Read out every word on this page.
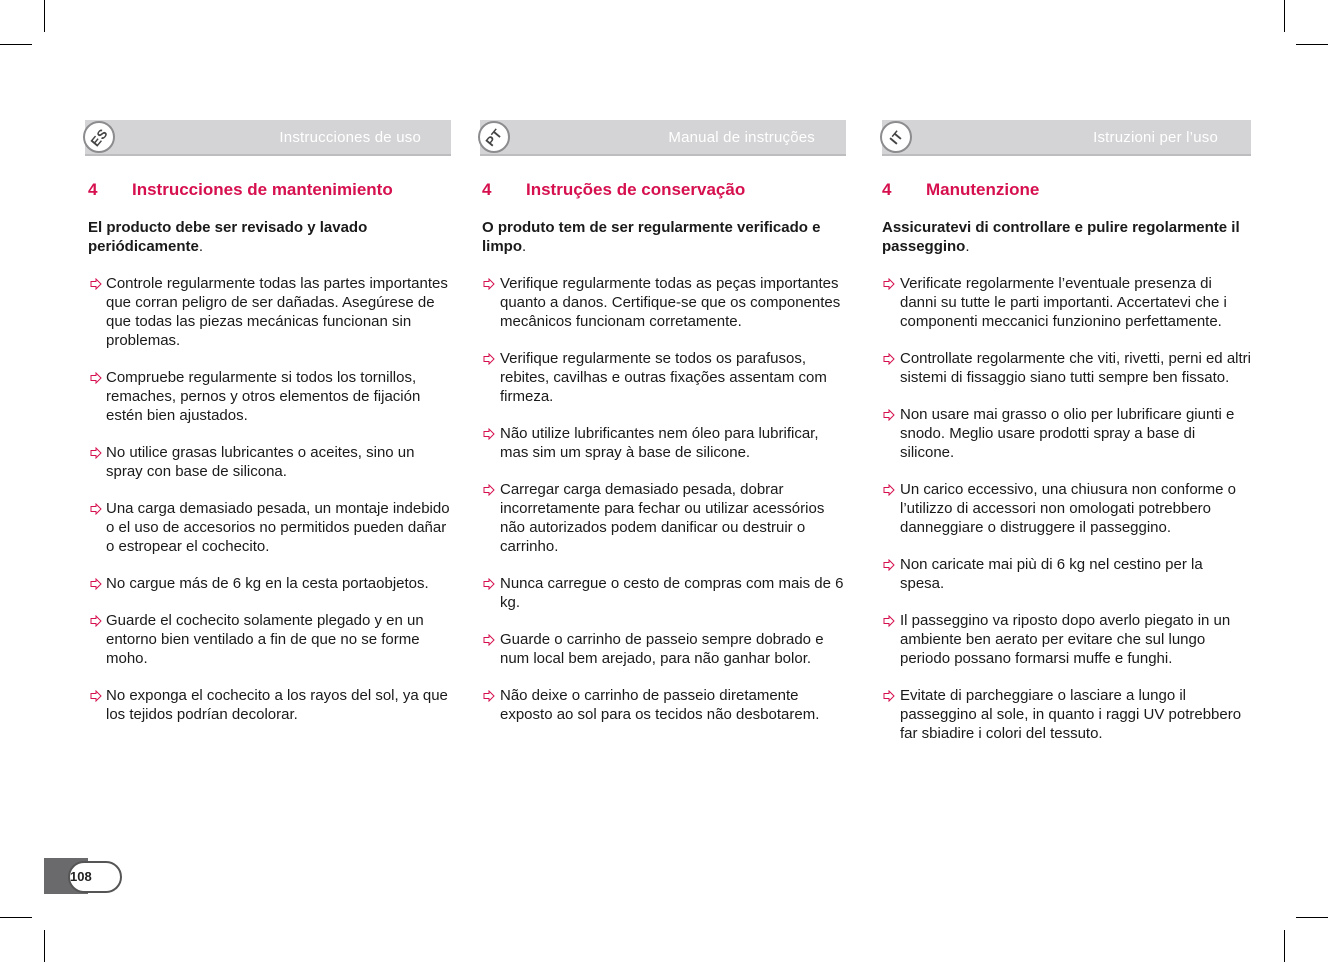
ES	Instrucciones de uso
4	Instrucciones de mantenimiento
El producto debe ser revisado y lavado periódicamente.
Controle regularmente todas las partes importantes que corran peligro de ser dañadas. Asegúrese de que todas las piezas mecánicas funcionan sin problemas.
Compruebe regularmente si todos los tornillos, remaches, pernos y otros elementos de fijación estén bien ajustados.
No utilice grasas lubricantes o aceites, sino un spray con base de silicona.
Una carga demasiado pesada, un montaje indebido o el uso de accesorios no permitidos pueden dañar o estropear el cochecito.
No cargue más de 6 kg en la cesta portaobjetos.
Guarde el cochecito solamente plegado y en un entorno bien ventilado a fin de que no se forme moho.
No exponga el cochecito a los rayos del sol, ya que los tejidos podrían decolorar.
PT	Manual de instruções
4	Instruções de conservação
O produto tem de ser regularmente verificado e limpo.
Verifique regularmente todas as peças importantes quanto a danos. Certifique-se que os componentes mecânicos funcionam corretamente.
Verifique regularmente se todos os parafusos, rebites, cavilhas e outras fixações assentam com firmeza.
Não utilize lubrificantes nem óleo para lubrificar, mas sim um spray à base de silicone.
Carregar carga demasiado pesada, dobrar incorretamente para fechar ou utilizar acessórios não autorizados podem danificar ou destruir o carrinho.
Nunca carregue o cesto de compras com mais de 6 kg.
Guarde o carrinho de passeio sempre dobrado e num local bem arejado, para não ganhar bolor.
Não deixe o carrinho de passeio diretamente exposto ao sol para os tecidos não desbotarem.
IT	Istruzioni per l’uso
4	Manutenzione
Assicuratevi di controllare e pulire regolarmente il passeggino.
Verificate regolarmente l’eventuale presenza di danni su tutte le parti importanti. Accertatevi che i componenti meccanici funzionino perfettamente.
Controllate regolarmente che viti, rivetti, perni ed altri sistemi di fissaggio siano tutti sempre ben fissato.
Non usare mai grasso o olio per lubrificare giunti e snodo. Meglio usare prodotti spray a base di silicone.
Un carico eccessivo, una chiusura non conforme o l’utilizzo di accessori non omologati potrebbero danneggiare o distruggere il passeggino.
Non caricate mai più di 6 kg nel cestino per la spesa.
Il passeggino va riposto dopo averlo piegato in un ambiente ben aerato per evitare che sul lungo periodo possano formarsi muffe e funghi.
Evitate di parcheggiare o lasciare a lungo il passeggino al sole, in quanto i raggi UV potrebbero far sbiadire i colori del tessuto.
108
